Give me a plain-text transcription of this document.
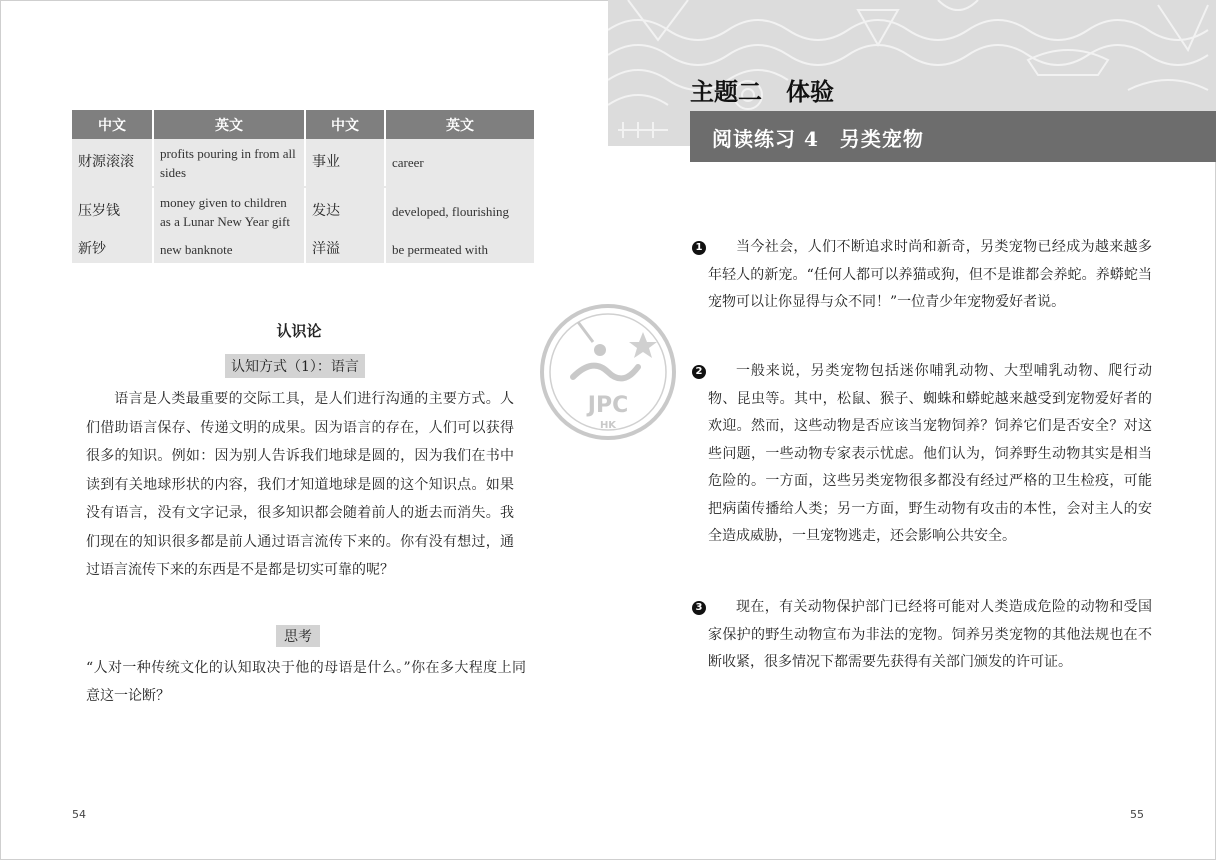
中文	英文	中文	英文
财源滚滚	profits pouring in from all sides	事业	career
压岁钱	money given to children as a Lunar New Year gift	发达	developed, flourishing
新钞	new banknote	洋溢	be permeated with
认识论
认知方式（1）：语言

语言是人类最重要的交际工具，是人们进行沟通的主要方式。人们借助语言保存、传递文明的成果。因为语言的存在，人们可以获得很多的知识。例如：因为别人告诉我们地球是圆的，因为我们在书中读到有关地球形状的内容，我们才知道地球是圆的这个知识点。如果没有语言，没有文字记录，很多知识都会随着前人的逝去而消失。我们现在的知识很多都是前人通过语言流传下来的。你有没有想过，通过语言流传下来的东西是不是都是切实可靠的呢？

思考

“人对一种传统文化的认知取决于他的母语是什么。”你在多大程度上同意这一论断？

54
主题二　体验
阅读练习 4　另类宠物

1	当今社会，人们不断追求时尚和新奇，另类宠物已经成为越来越多年轻人的新宠。“任何人都可以养猫或狗，但不是谁都会养蛇。养蟒蛇当宠物可以让你显得与众不同！”一位青少年宠物爱好者说。

2	一般来说，另类宠物包括迷你哺乳动物、大型哺乳动物、爬行动物、昆虫等。其中，松鼠、猴子、蜘蛛和蟒蛇越来越受到宠物爱好者的欢迎。然而，这些动物是否应该当宠物饲养？饲养它们是否安全？对这些问题，一些动物专家表示忧虑。他们认为，饲养野生动物其实是相当危险的。一方面，这些另类宠物很多都没有经过严格的卫生检疫，可能把病菌传播给人类；另一方面，野生动物有攻击的本性，会对主人的安全造成威胁，一旦宠物逃走，还会影响公共安全。

3	现在，有关动物保护部门已经将可能对人类造成危险的动物和受国家保护的野生动物宣布为非法的宠物。饲养另类宠物的其他法规也在不断收紧，很多情况下都需要先获得有关部门颁发的许可证。

55
JPC
HK
